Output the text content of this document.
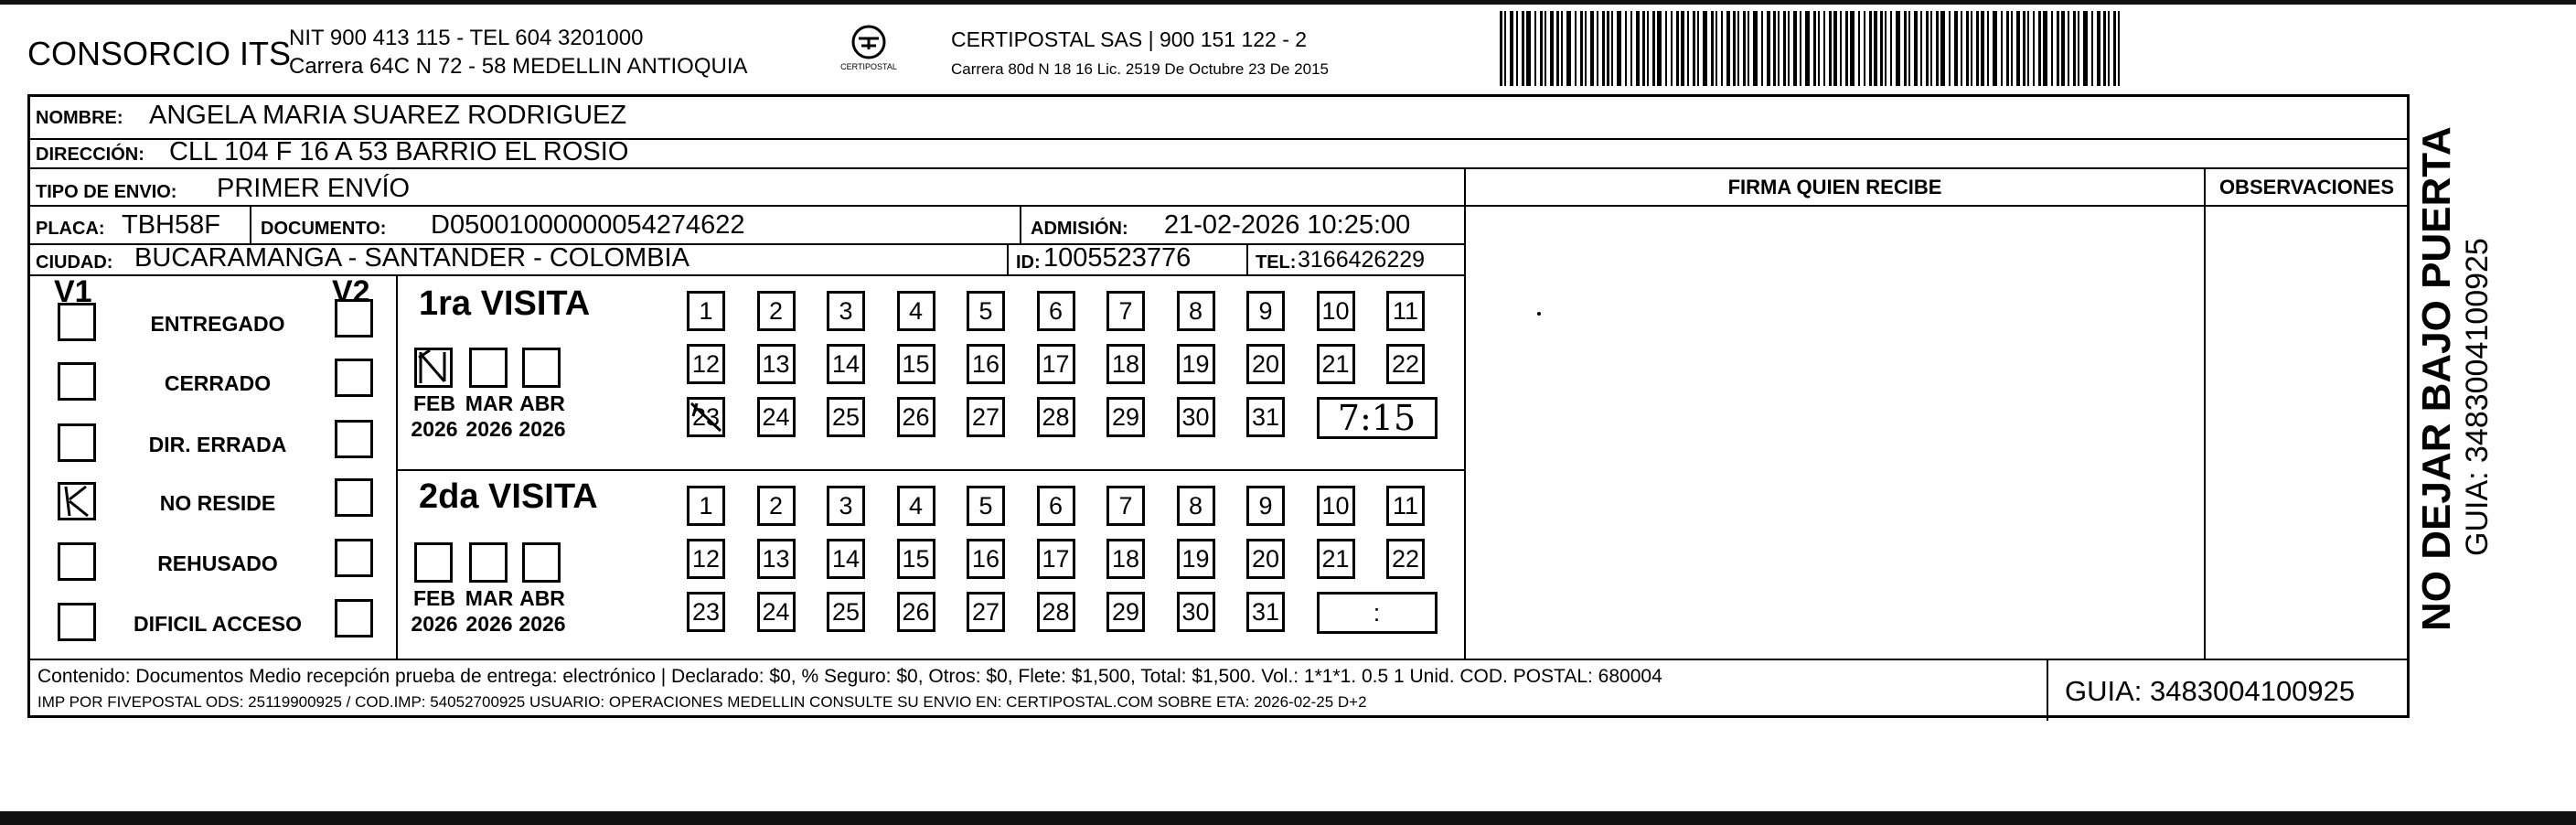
CONSORCIO ITS
NIT 900 413 115 - TEL 604 3201000
Carrera 64C N 72 - 58 MEDELLIN ANTIOQUIA	CERTIPOSTAL
CERTIPOSTAL SAS | 900 151 122 - 2
Carrera 80d N 18 16 Lic. 2519 De Octubre 23 De 2015
NOMBRE: ANGELA MARIA SUAREZ RODRIGUEZ
DIRECCIÓN: CLL 104 F 16 A 53 BARRIO EL ROSIO
TIPO DE ENVIO: PRIMER ENVÍO	FIRMA QUIEN RECIBE	OBSERVACIONES
PLACA: TBH58F DOCUMENTO: D05001000000054274622	ADMISIÓN: 21-02-2026 10:25:00
CIUDAD: BUCARAMANGA - SANTANDER - COLOMBIA	ID: 1005523776	TEL: 3166426229
V1	V2
ENTREGADO
CERRADO
DIR. ERRADA
NO RESIDE
REHUSADO
DIFICIL ACCESO
1ra VISITA
2da VISITA
FEB
2026
MAR
2026
ABR
2026
1	2	3	4	5	6	7	8	9	10 11
12 13 14 15 16 17 18 19 20 21 22
23 24 25 26 27 28 29 30 31	7:15
FEB
2026
MAR
2026
ABR
2026
1	2	3	4	5	6	7	8	9	10 11
12 13 14 15 16 17 18 19 20 21 22
23 24 25 26 27 28 29 30 31	:
Contenido: Documentos Medio recepción prueba de entrega: electrónico | Declarado: $0, % Seguro: $0, Otros: $0, Flete: $1,500, Total: $1,500. Vol.: 1*1*1. 0.5 1 Unid. COD. POSTAL: 680004
IMP POR FIVEPOSTAL ODS: 25119900925 / COD.IMP: 54052700925 USUARIO: OPERACIONES MEDELLIN CONSULTE SU ENVIO EN: CERTIPOSTAL.COM SOBRE ETA: 2026-02-25 D+2	GUIA: 3483004100925
NO DEJAR BAJO PUERTA GUIA: 3483004100925
